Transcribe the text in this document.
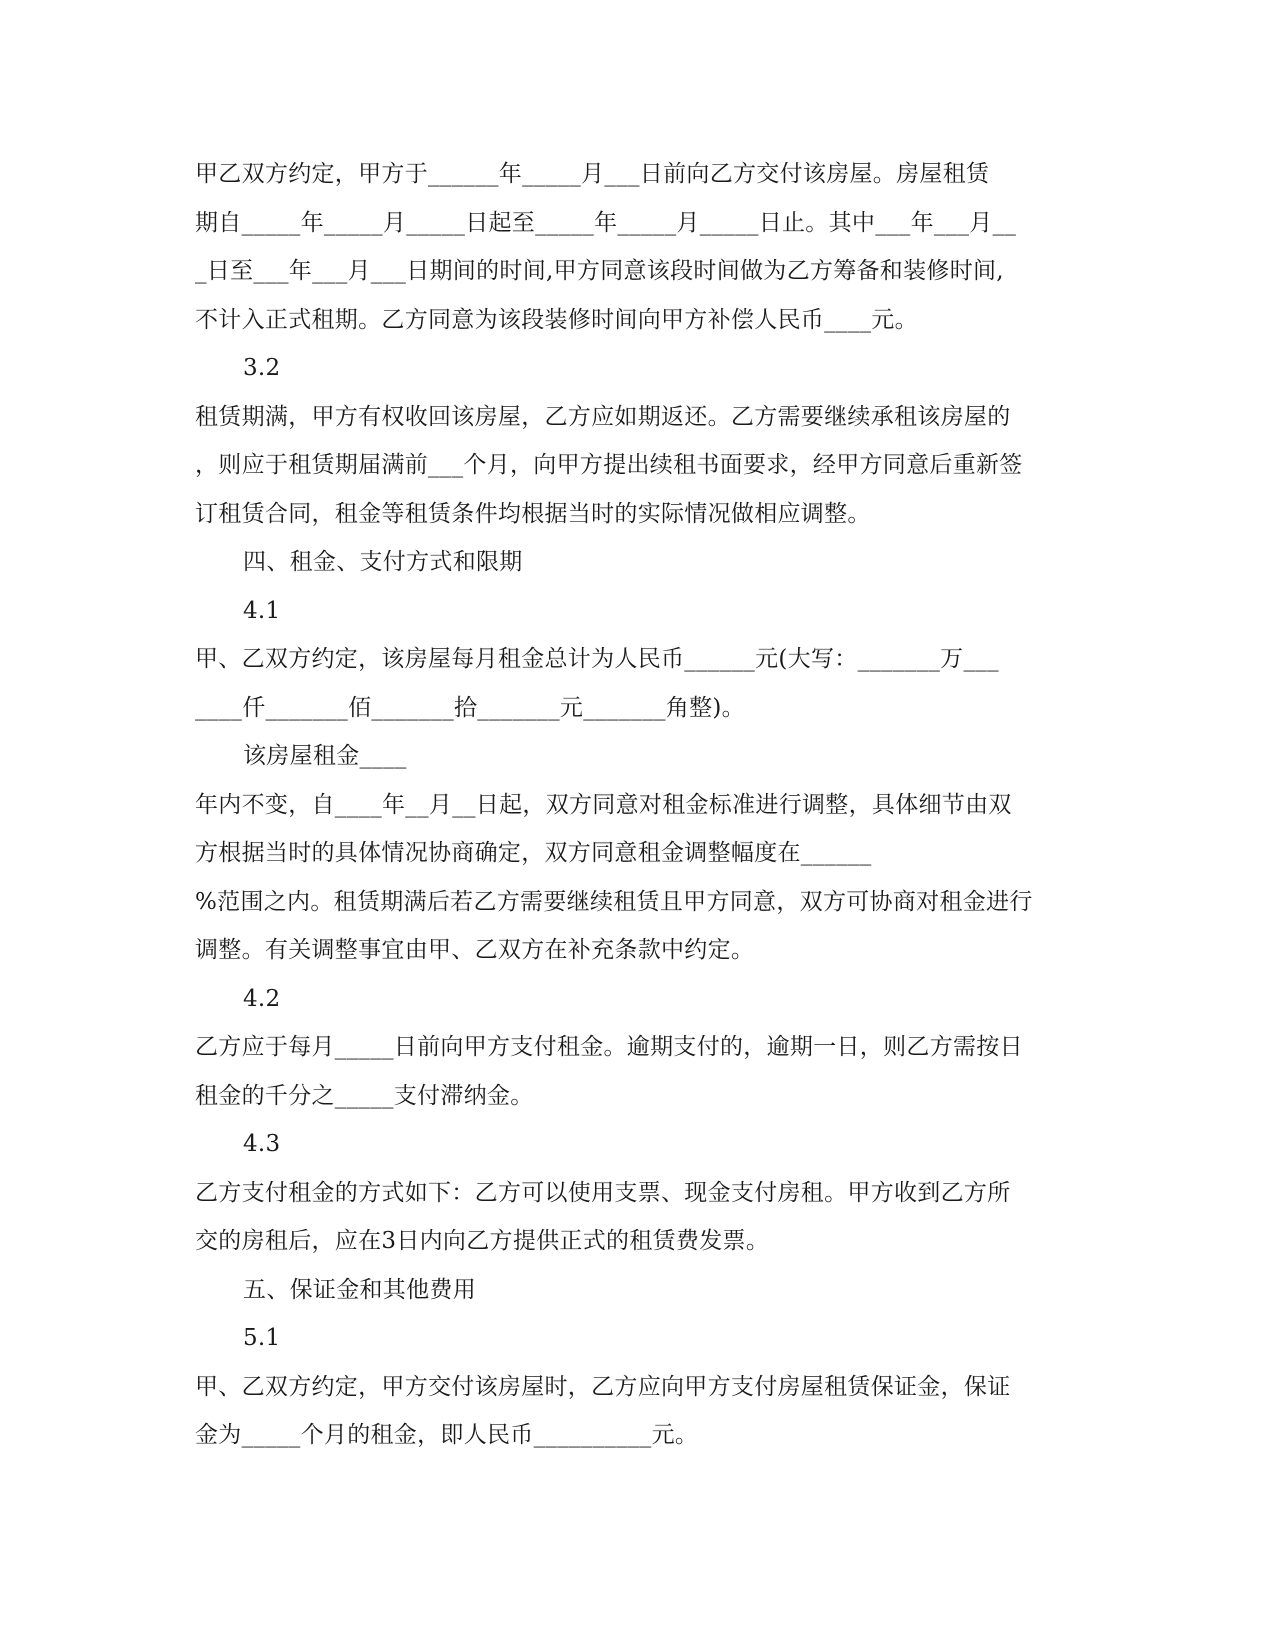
甲乙双方约定，甲方于______年_____月___日前向乙方交付该房屋。房屋租赁
期自_____年_____月_____日起至_____年_____月_____日止。其中___年___月__
_日至___年___月___日期间的时间,甲方同意该段时间做为乙方筹备和装修时间,
不计入正式租期。乙方同意为该段装修时间向甲方补偿人民币____元。
3.2
租赁期满，甲方有权收回该房屋，乙方应如期返还。乙方需要继续承租该房屋的
，则应于租赁期届满前___个月，向甲方提出续租书面要求，经甲方同意后重新签
订租赁合同，租金等租赁条件均根据当时的实际情况做相应调整。
四、租金、支付方式和限期
4.1
甲、乙双方约定，该房屋每月租金总计为人民币______元(大写：_______万___
____仟_______佰_______拾_______元_______角整)。
该房屋租金____
年内不变，自____年__月__日起，双方同意对租金标准进行调整，具体细节由双
方根据当时的具体情况协商确定，双方同意租金调整幅度在______
%范围之内。租赁期满后若乙方需要继续租赁且甲方同意，双方可协商对租金进行
调整。有关调整事宜由甲、乙双方在补充条款中约定。
4.2
乙方应于每月_____日前向甲方支付租金。逾期支付的，逾期一日，则乙方需按日
租金的千分之_____支付滞纳金。
4.3
乙方支付租金的方式如下：乙方可以使用支票、现金支付房租。甲方收到乙方所
交的房租后，应在3日内向乙方提供正式的租赁费发票。
五、保证金和其他费用
5.1
甲、乙双方约定，甲方交付该房屋时，乙方应向甲方支付房屋租赁保证金，保证
金为_____个月的租金，即人民币__________元。
